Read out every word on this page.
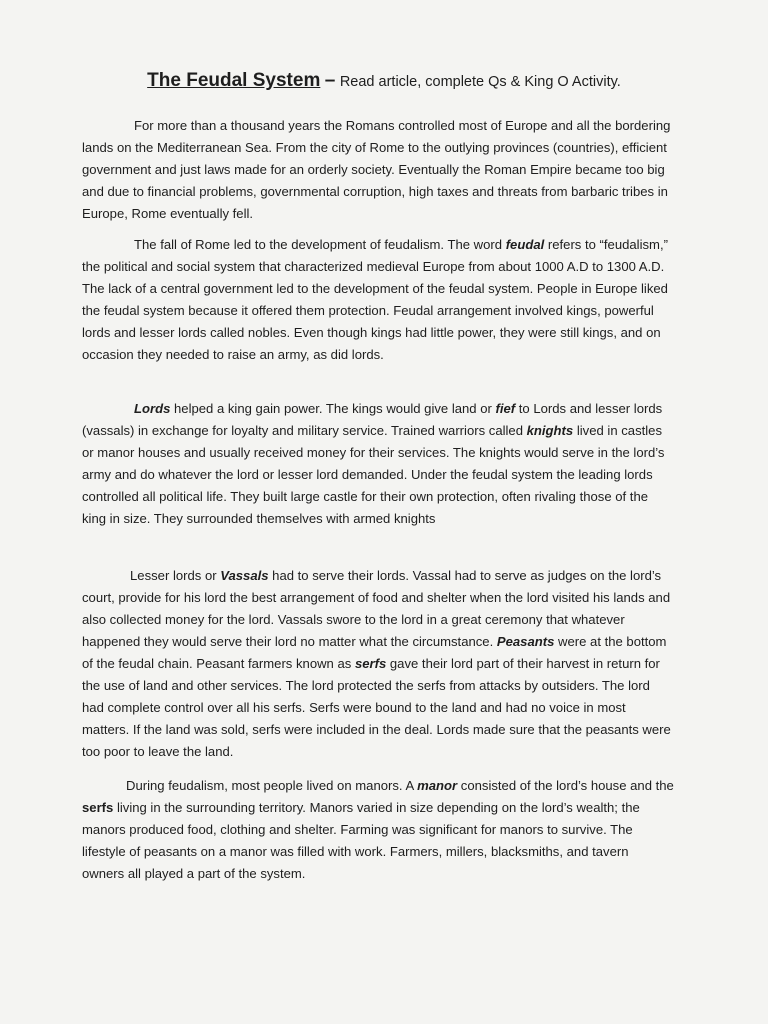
The Feudal System – Read article, complete Qs & King O Activity.

For more than a thousand years the Romans controlled most of Europe and all the bordering lands on the Mediterranean Sea. From the city of Rome to the outlying provinces (countries), efficient government and just laws made for an orderly society. Eventually the Roman Empire became too big and due to financial problems, governmental corruption, high taxes and threats from barbaric tribes in Europe, Rome eventually fell.

The fall of Rome led to the development of feudalism. The word feudal refers to “feudalism,” the political and social system that characterized medieval Europe from about 1000 A.D to 1300 A.D. The lack of a central government led to the development of the feudal system. People in Europe liked the feudal system because it offered them protection. Feudal arrangement involved kings, powerful lords and lesser lords called nobles. Even though kings had little power, they were still kings, and on occasion they needed to raise an army, as did lords.

Lords helped a king gain power. The kings would give land or fief to Lords and lesser lords (vassals) in exchange for loyalty and military service. Trained warriors called knights lived in castles or manor houses and usually received money for their services. The knights would serve in the lord’s army and do whatever the lord or lesser lord demanded. Under the feudal system the leading lords controlled all political life. They built large castle for their own protection, often rivaling those of the king in size. They surrounded themselves with armed knights

Lesser lords or Vassals had to serve their lords. Vassal had to serve as judges on the lord’s court, provide for his lord the best arrangement of food and shelter when the lord visited his lands and also collected money for the lord. Vassals swore to the lord in a great ceremony that whatever happened they would serve their lord no matter what the circumstance. Peasants were at the bottom of the feudal chain. Peasant farmers known as serfs gave their lord part of their harvest in return for the use of land and other services. The lord protected the serfs from attacks by outsiders. The lord had complete control over all his serfs. Serfs were bound to the land and had no voice in most matters. If the land was sold, serfs were included in the deal. Lords made sure that the peasants were too poor to leave the land.

During feudalism, most people lived on manors. A manor consisted of the lord’s house and the serfs living in the surrounding territory. Manors varied in size depending on the lord’s wealth; the manors produced food, clothing and shelter. Farming was significant for manors to survive. The lifestyle of peasants on a manor was filled with work. Farmers, millers, blacksmiths, and tavern owners all played a part of the system.
